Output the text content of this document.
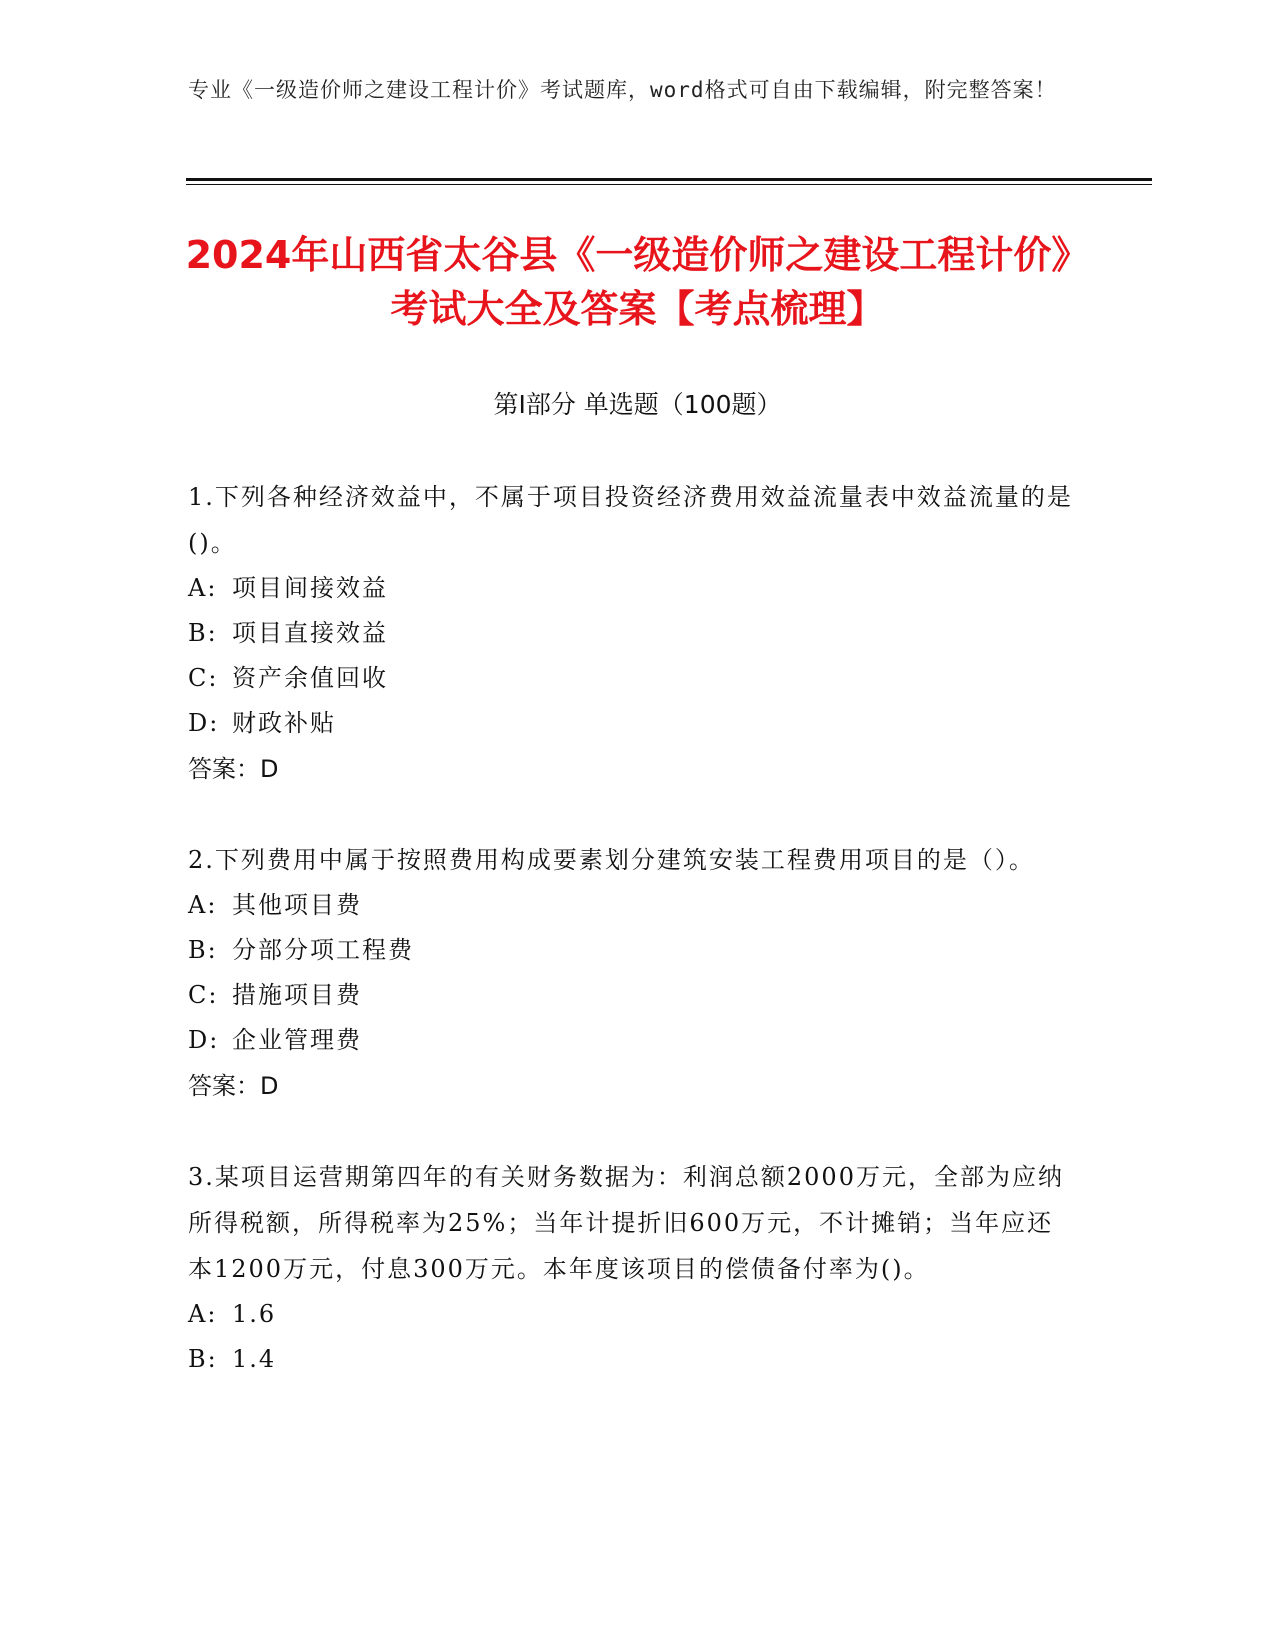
专业《一级造价师之建设工程计价》考试题库，word格式可自由下载编辑，附完整答案！
2024年山西省太谷县《一级造价师之建设工程计价》考试大全及答案【考点梳理】
第Ⅰ部分 单选题（100题）
1.下列各种经济效益中，不属于项目投资经济费用效益流量表中效益流量的是()。
A: 项目间接效益
B: 项目直接效益
C: 资产余值回收
D: 财政补贴
答案：D
2.下列费用中属于按照费用构成要素划分建筑安装工程费用项目的是（）。
A: 其他项目费
B: 分部分项工程费
C: 措施项目费
D: 企业管理费
答案：D
3.某项目运营期第四年的有关财务数据为：利润总额2000万元，全部为应纳所得税额，所得税率为25%；当年计提折旧600万元，不计摊销；当年应还本1200万元，付息300万元。本年度该项目的偿债备付率为()。
A: 1.6
B: 1.4
